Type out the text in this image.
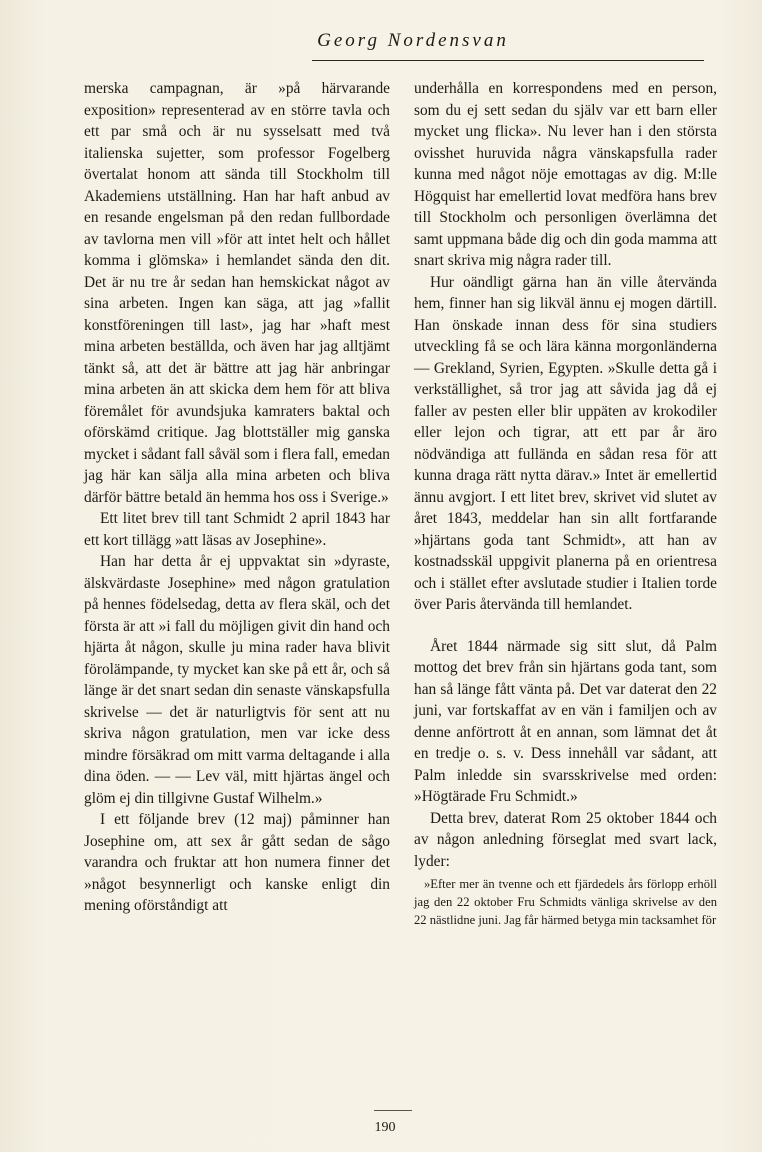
Georg Nordensvan

merska campagnan, är »på härvarande exposition» representerad av en större tavla och ett par små och är nu sysselsatt med två italienska sujetter, som professor Fogelberg övertalat honom att sända till Stockholm till Akademiens utställning. Han har haft anbud av en resande engelsman på den redan fullbordade av tavlorna men vill »för att intet helt och hållet komma i glömska» i hemlandet sända den dit. Det är nu tre år sedan han hemskickat något av sina arbeten. Ingen kan säga, att jag »fallit konstföreningen till last», jag har »haft mest mina arbeten beställda, och även har jag alltjämt tänkt så, att det är bättre att jag här anbringar mina arbeten än att skicka dem hem för att bliva föremålet för avundsjuka kamraters baktal och oförskämd critique. Jag blottställer mig ganska mycket i sådant fall såväl som i flera fall, emedan jag här kan sälja alla mina arbeten och bliva därför bättre betald än hemma hos oss i Sverige.»

Ett litet brev till tant Schmidt 2 april 1843 har ett kort tillägg »att läsas av Josephine».

Han har detta år ej uppvaktat sin »dyraste, älskvärdaste Josephine» med någon gratulation på hennes födelsedag, detta av flera skäl, och det första är att »i fall du möjligen givit din hand och hjärta åt någon, skulle ju mina rader hava blivit förolämpande, ty mycket kan ske på ett år, och så länge är det snart sedan din senaste vänskapsfulla skrivelse — det är naturligtvis för sent att nu skriva någon gratulation, men var icke dess mindre försäkrad om mitt varma deltagande i alla dina öden. — — Lev väl, mitt hjärtas ängel och glöm ej din tillgivne Gustaf Wilhelm.»

I ett följande brev (12 maj) påminner han Josephine om, att sex år gått sedan de sågo varandra och fruktar att hon numera finner det »något besynnerligt och kanske enligt din mening oförståndigt att

underhålla en korrespondens med en person, som du ej sett sedan du själv var ett barn eller mycket ung flicka». Nu lever han i den största ovisshet huruvida några vänskapsfulla rader kunna med något nöje emottagas av dig. M:lle Högquist har emellertid lovat medföra hans brev till Stockholm och personligen överlämna det samt uppmana både dig och din goda mamma att snart skriva mig några rader till.

Hur oändligt gärna han än ville återvända hem, finner han sig likväl ännu ej mogen därtill. Han önskade innan dess för sina studiers utveckling få se och lära känna morgonländerna — Grekland, Syrien, Egypten. »Skulle detta gå i verkställighet, så tror jag att såvida jag då ej faller av pesten eller blir uppäten av krokodiler eller lejon och tigrar, att ett par år äro nödvändiga att fullända en sådan resa för att kunna draga rätt nytta därav.» Intet är emellertid ännu avgjort. I ett litet brev, skrivet vid slutet av året 1843, meddelar han sin allt fortfarande »hjärtans goda tant Schmidt», att han av kostnadsskäl uppgivit planerna på en orientresa och i stället efter avslutade studier i Italien torde över Paris återvända till hemlandet.

Året 1844 närmade sig sitt slut, då Palm mottog det brev från sin hjärtans goda tant, som han så länge fått vänta på. Det var daterat den 22 juni, var fortskaffat av en vän i familjen och av denne anförtrott åt en annan, som lämnat det åt en tredje o. s. v. Dess innehåll var sådant, att Palm inledde sin svarsskrivelse med orden: »Högtärade Fru Schmidt.»

Detta brev, daterat Rom 25 oktober 1844 och av någon anledning förseglat med svart lack, lyder:

»Efter mer än tvenne och ett fjärdedels års förlopp erhöll jag den 22 oktober Fru Schmidts vänliga skrivelse av den 22 nästlidne juni. Jag får härmed betyga min tacksamhet för

190
